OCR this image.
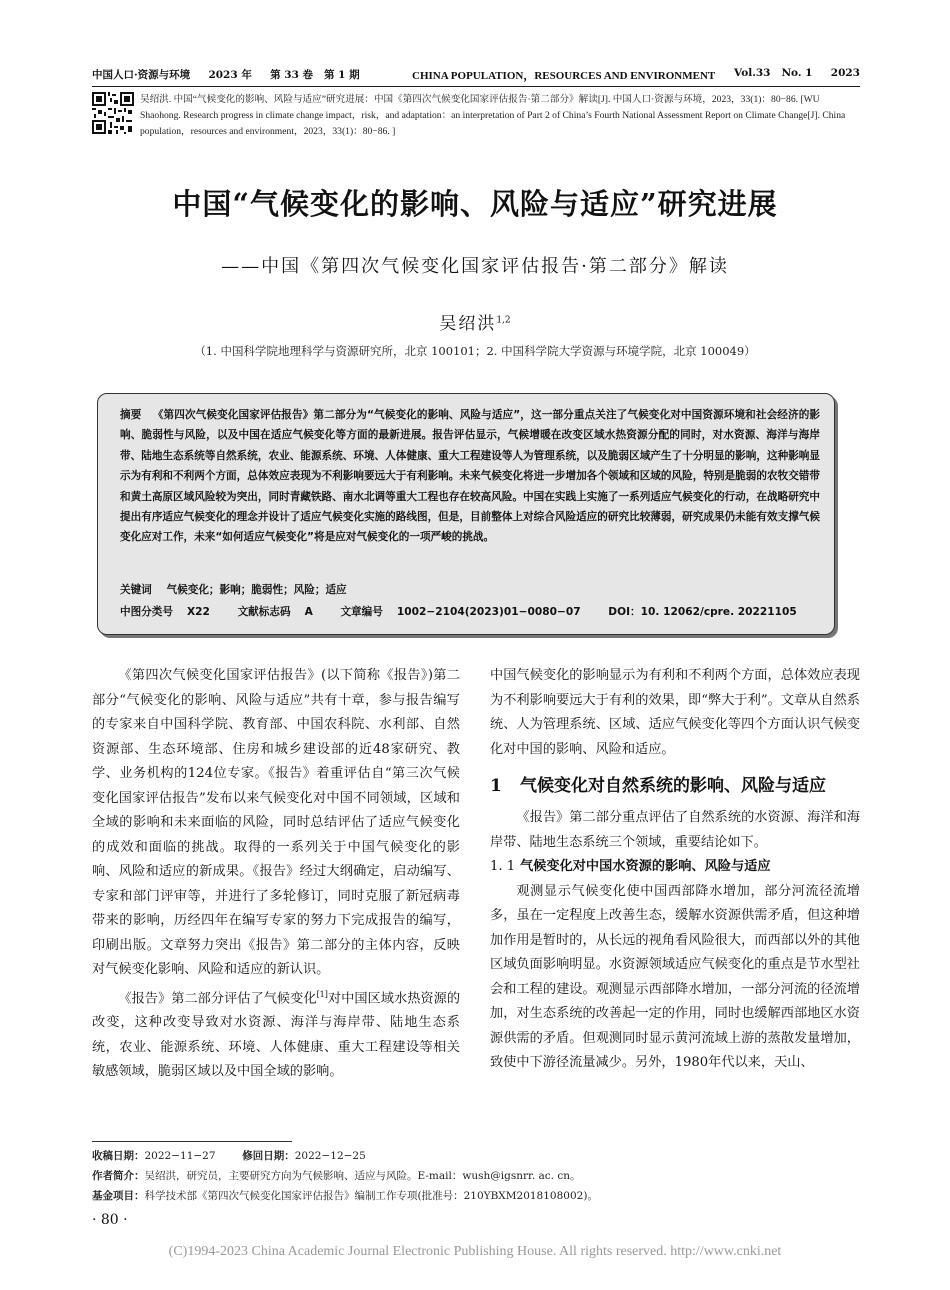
中国人口·资源与环境 2023 年 第 33 卷 第 1 期	CHINA POPULATION，RESOURCES AND ENVIRONMENT Vol.33 No. 1 2023
吴绍洪. 中国“气候变化的影响、风险与适应”研究进展：中国《第四次气候变化国家评估报告·第二部分》解读[J]. 中国人口·资源与环境，2023，33(1)：80−86. [WU Shaohong. Research progress in climate change impact，risk，and adaptation：an interpretation of Part 2 of China’s Fourth National Assessment Report on Climate Change[J]. China population，resources and environment，2023，33(1)：80−86. ]
中国“气候变化的影响、风险与适应”研究进展
——中国《第四次气候变化国家评估报告·第二部分》解读
吴绍洪$^{1,2}$
（1. 中国科学院地理科学与资源研究所，北京 100101；2. 中国科学院大学资源与环境学院，北京 100049）
摘要 《第四次气候变化国家评估报告》第二部分为“气候变化的影响、风险与适应”，这一部分重点关注了气候变化对中国资源环境和社会经济的影响、脆弱性与风险，以及中国在适应气候变化等方面的最新进展。报告评估显示，气候增暖在改变区域水热资源分配的同时，对水资源、海洋与海岸带、陆地生态系统等自然系统，农业、能源系统、环境、人体健康、重大工程建设等人为管理系统，以及脆弱区域产生了十分明显的影响，这种影响显示为有利和不利两个方面，总体效应表现为不利影响要远大于有利影响。未来气候变化将进一步增加各个领域和区域的风险，特别是脆弱的农牧交错带和黄土高原区域风险较为突出，同时青藏铁路、南水北调等重大工程也存在较高风险。中国在实践上实施了一系列适应气候变化的行动，在战略研究中提出有序适应气候变化的理念并设计了适应气候变化实施的路线图，但是，目前整体上对综合风险适应的研究比较薄弱，研究成果仍未能有效支撑气候变化应对工作，未来“如何适应气候变化”将是应对气候变化的一项严峻的挑战。
关键词 气候变化；影响；脆弱性；风险；适应
中图分类号 X22	文献标志码 A	文章编号 1002−2104(2023)01−0080−07	DOI：10. 12062/cpre. 20221105

《第四次气候变化国家评估报告》(以下简称《报告》)第二部分“气候变化的影响、风险与适应”共有十章，参与报告编写的专家来自中国科学院、教育部、中国农科院、水利部、自然资源部、生态环境部、住房和城乡建设部的近48家研究、教学、业务机构的124位专家。《报告》着重评估自“第三次气候变化国家评估报告”发布以来气候变化对中国不同领域，区域和全域的影响和未来面临的风险，同时总结评估了适应气候变化的成效和面临的挑战。取得的一系列关于中国气候变化的影响、风险和适应的新成果。《报告》经过大纲确定，启动编写、专家和部门评审等，并进行了多轮修订，同时克服了新冠病毒带来的影响，历经四年在编写专家的努力下完成报告的编写，印刷出版。文章努力突出《报告》第二部分的主体内容，反映对气候变化影响、风险和适应的新认识。

《报告》第二部分评估了气候变化[1]对中国区域水热资源的改变，这种改变导致对水资源、海洋与海岸带、陆地生态系统，农业、能源系统、环境、人体健康、重大工程建设等相关敏感领域，脆弱区域以及中国全域的影响。

中国气候变化的影响显示为有利和不利两个方面，总体效应表现为不利影响要远大于有利的效果，即“弊大于利”。文章从自然系统、人为管理系统、区域、适应气候变化等四个方面认识气候变化对中国的影响、风险和适应。

1 气候变化对自然系统的影响、风险与适应

《报告》第二部分重点评估了自然系统的水资源、海洋和海岸带、陆地生态系统三个领域，重要结论如下。

1. 1 气候变化对中国水资源的影响、风险与适应

观测显示气候变化使中国西部降水增加，部分河流径流增多，虽在一定程度上改善生态，缓解水资源供需矛盾，但这种增加作用是暂时的，从长远的视角看风险很大，而西部以外的其他区域负面影响明显。水资源领域适应气候变化的重点是节水型社会和工程的建设。观测显示西部降水增加，一部分河流的径流增加，对生态系统的改善起一定的作用，同时也缓解西部地区水资源供需的矛盾。但观测同时显示黄河流域上游的蒸散发量增加，致使中下游径流量减少。另外，1980年代以来，天山、

收稿日期：2022−11−27	修回日期：2022−12−25
作者简介：吴绍洪，研究员，主要研究方向为气候影响、适应与风险。E-mail：wush@igsnrr. ac. cn。
基金项目：科学技术部《第四次气候变化国家评估报告》编制工作专项(批准号：210YBXM2018108002)。
· 80 ·
(C)1994-2023 China Academic Journal Electronic Publishing House. All rights reserved. http://www.cnki.net
